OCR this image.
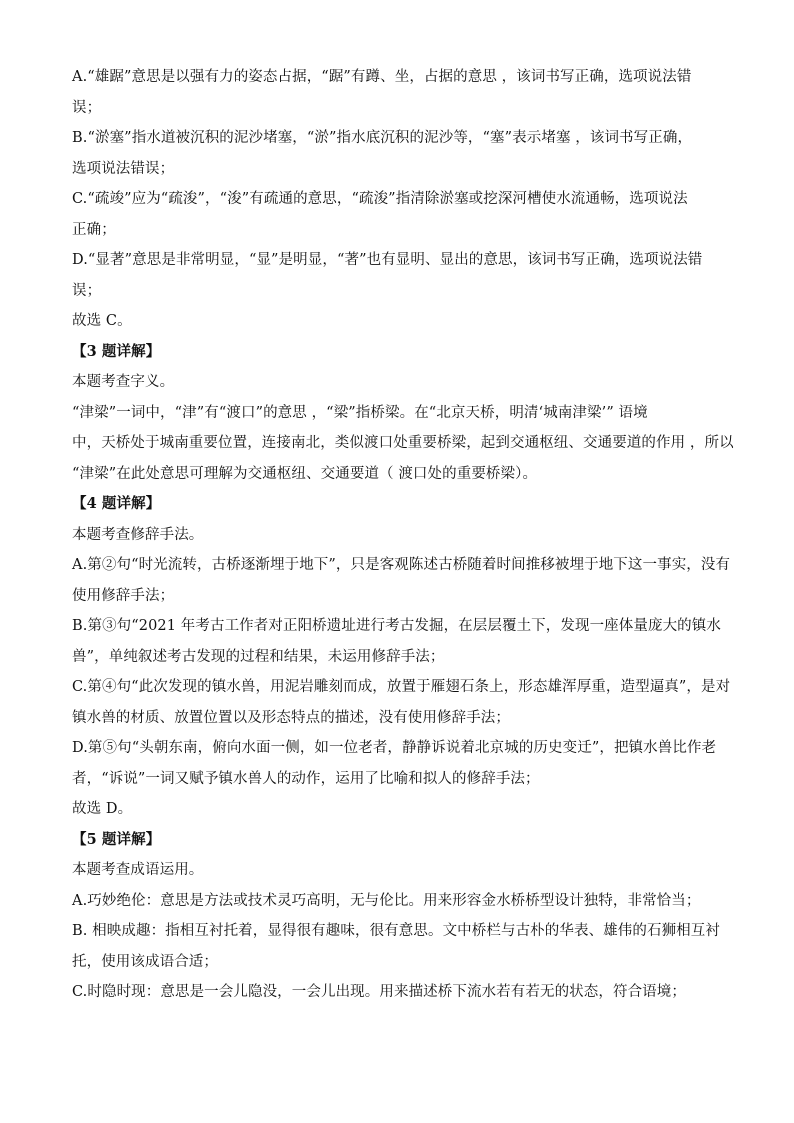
A.“雄踞”意思是以强有力的姿态占据，“踞”有蹲、坐，占据的意思 ，该词书写正确，选项说法错
误；
B.“淤塞”指水道被沉积的泥沙堵塞，“淤”指水底沉积的泥沙等，“塞”表示堵塞 ，该词书写正确，
选项说法错误；
C.“疏竣”应为“疏浚”，“浚”有疏通的意思，“疏浚”指清除淤塞或挖深河槽使水流通畅，选项说法
正确；
D.“显著”意思是非常明显，“显”是明显，“著”也有显明、显出的意思，该词书写正确，选项说法错
误；
故选 C。
【3 题详解】
本题考查字义。
“津梁”一词中，“津”有“渡口”的意思 ，“梁”指桥梁。在“北京天桥，明清‘城南津梁’” 语境
中，天桥处于城南重要位置，连接南北，类似渡口处重要桥梁，起到交通枢纽、交通要道的作用 ，所以
“津梁”在此处意思可理解为交通枢纽、交通要道（ 渡口处的重要桥梁）。
【4 题详解】
本题考查修辞手法。
A.第②句“时光流转，古桥逐渐埋于地下”，只是客观陈述古桥随着时间推移被埋于地下这一事实，没有
使用修辞手法；
B.第③句“2021 年考古工作者对正阳桥遗址进行考古发掘，在层层覆土下，发现一座体量庞大的镇水
兽”，单纯叙述考古发现的过程和结果，未运用修辞手法；
C.第④句“此次发现的镇水兽，用泥岩雕刻而成，放置于雁翅石条上，形态雄浑厚重，造型逼真”，是对
镇水兽的材质、放置位置以及形态特点的描述，没有使用修辞手法；
D.第⑤句“头朝东南，俯向水面一侧，如一位老者，静静诉说着北京城的历史变迁”，把镇水兽比作老
者，“诉说”一词又赋予镇水兽人的动作，运用了比喻和拟人的修辞手法；
故选 D。
【5 题详解】
本题考查成语运用。
A.巧妙绝伦：意思是方法或技术灵巧高明，无与伦比。用来形容金水桥桥型设计独特，非常恰当；
B. 相映成趣：指相互衬托着，显得很有趣味，很有意思。文中桥栏与古朴的华表、雄伟的石狮相互衬
托，使用该成语合适；
C.时隐时现：意思是一会儿隐没，一会儿出现。用来描述桥下流水若有若无的状态，符合语境；
